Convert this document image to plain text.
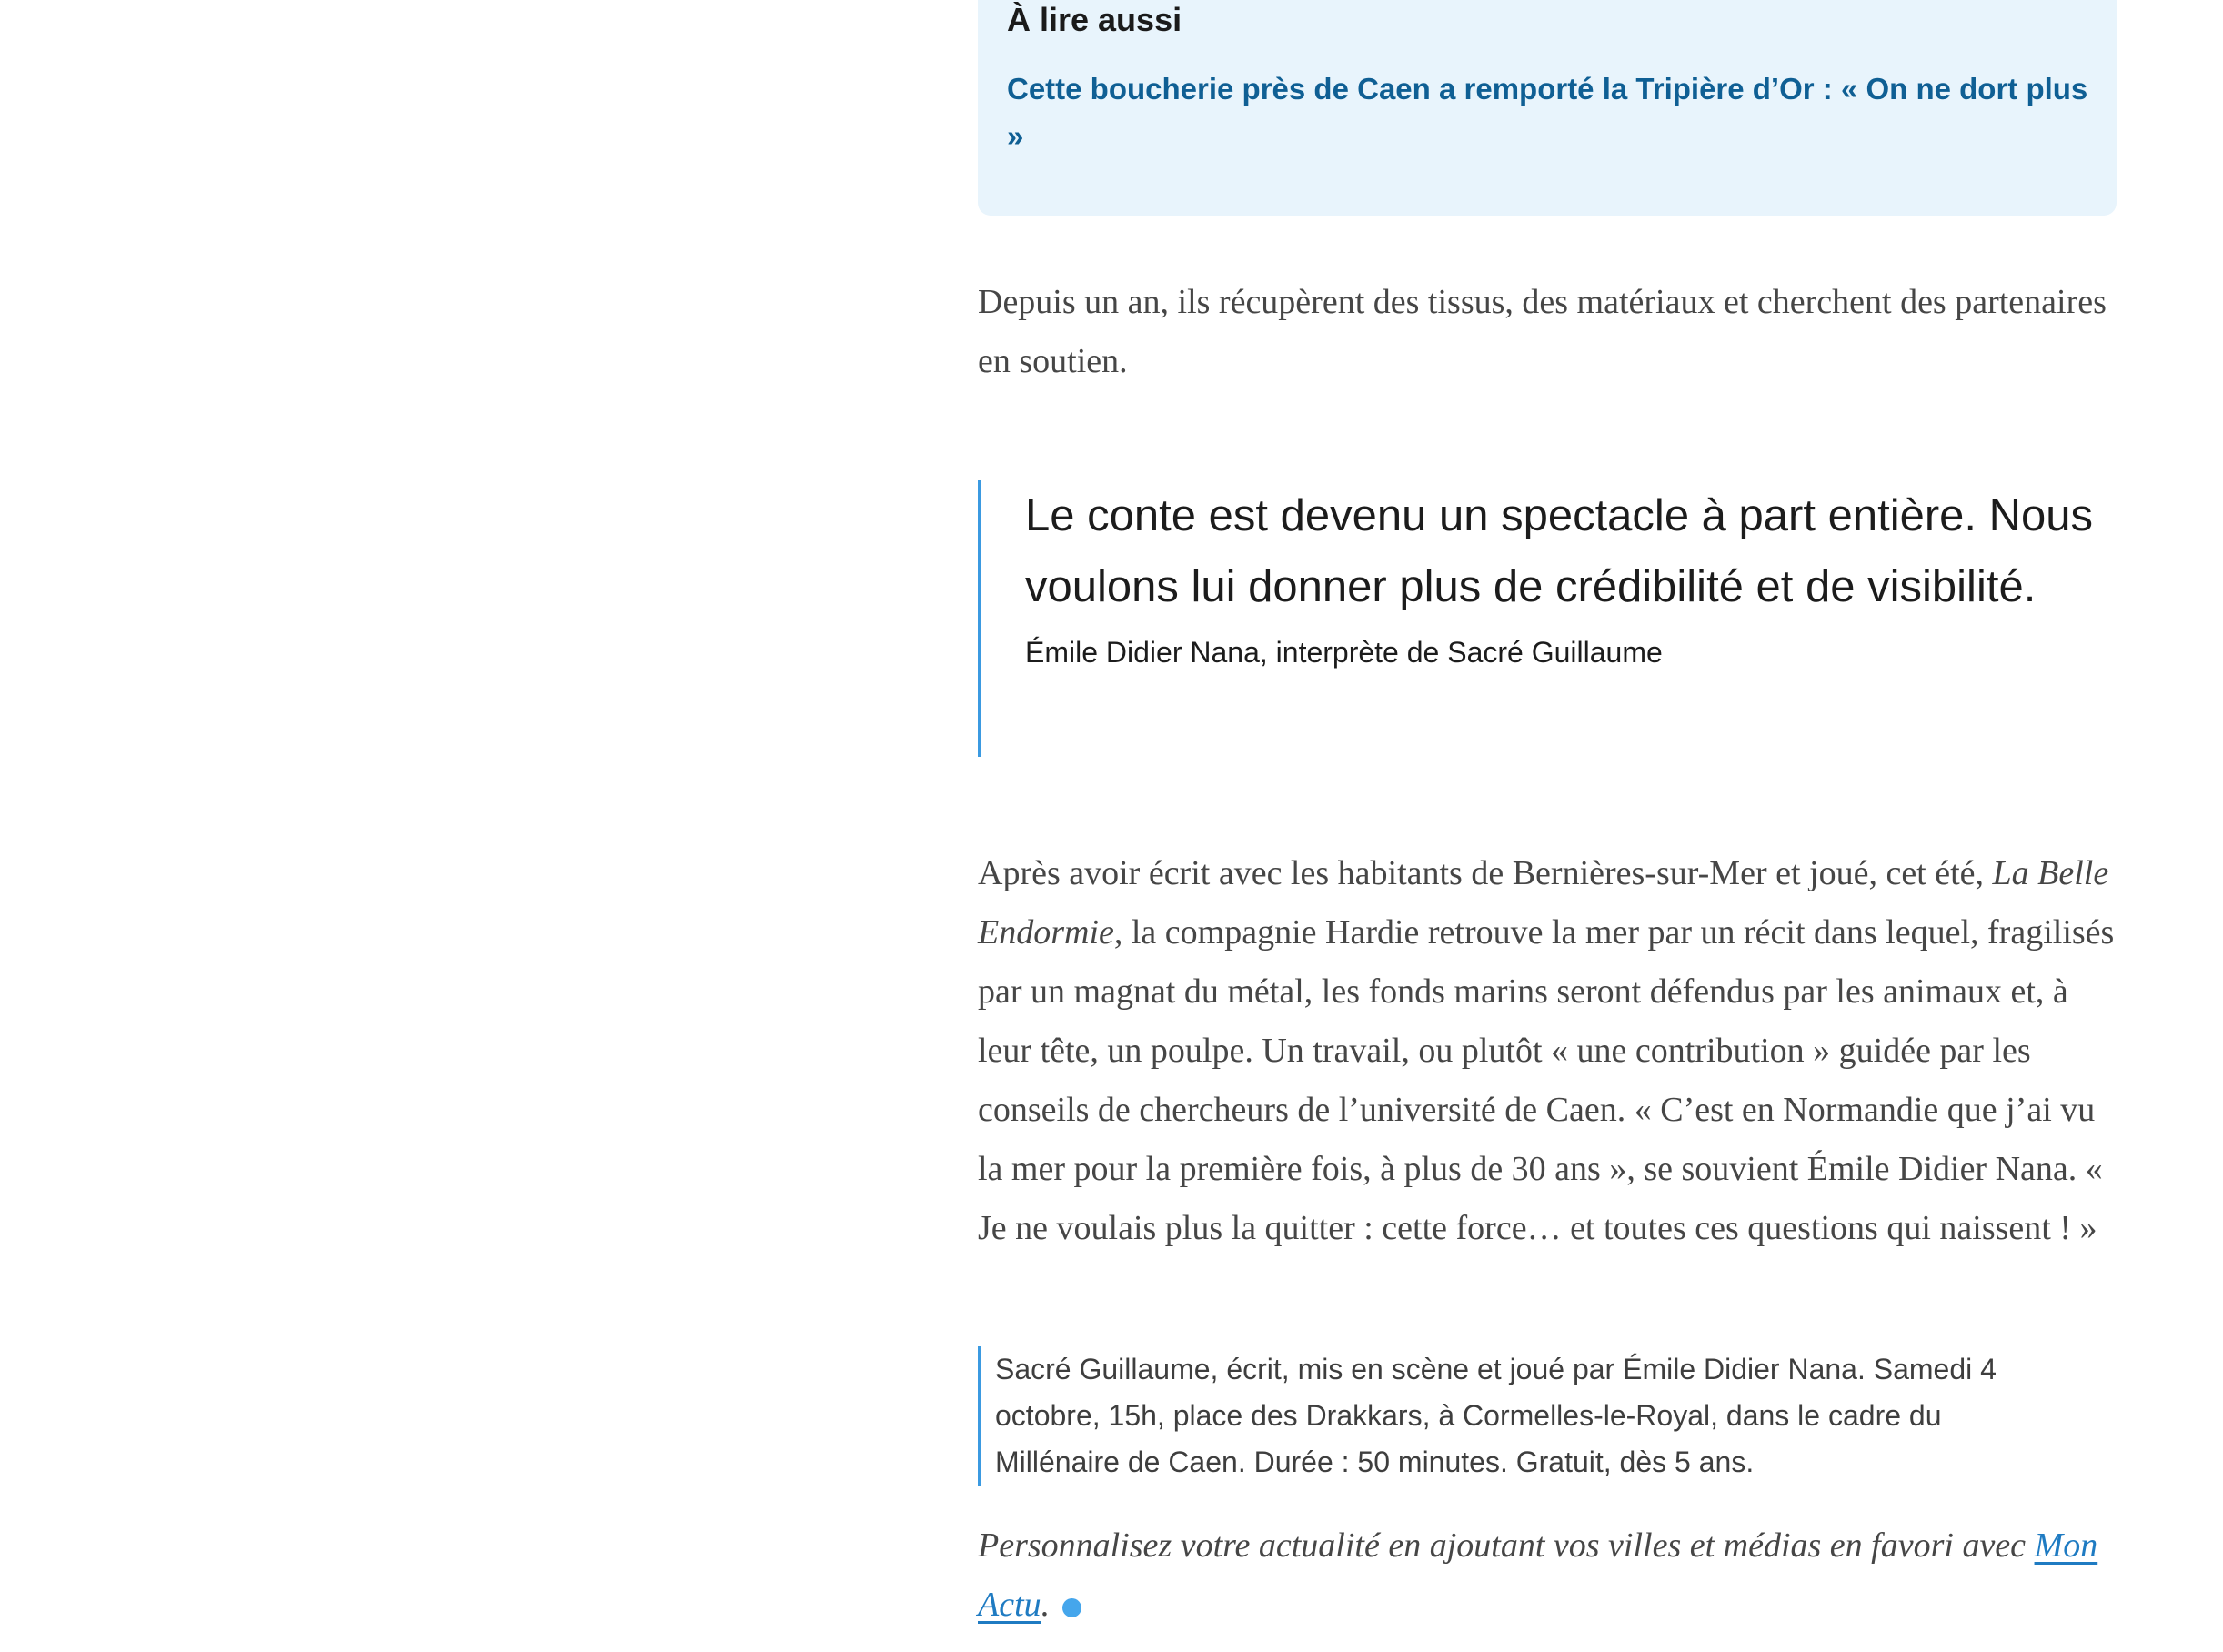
À lire aussi
Cette boucherie près de Caen a remporté la Tripière d’Or : « On ne dort plus »

Depuis un an, ils récupèrent des tissus, des matériaux et cherchent des partenaires en soutien.

Le conte est devenu un spectacle à part entière. Nous voulons lui donner plus de crédibilité et de visibilité.

Émile Didier Nana, interprète de Sacré Guillaume

Après avoir écrit avec les habitants de Bernières-sur-Mer et joué, cet été, La Belle Endormie, la compagnie Hardie retrouve la mer par un récit dans lequel, fragilisés par un magnat du métal, les fonds marins seront défendus par les animaux et, à leur tête, un poulpe. Un travail, ou plutôt « une contribution » guidée par les conseils de chercheurs de l’université de Caen. « C’est en Normandie que j’ai vu la mer pour la première fois, à plus de 30 ans », se souvient Émile Didier Nana. « Je ne voulais plus la quitter : cette force… et toutes ces questions qui naissent ! »

Sacré Guillaume, écrit, mis en scène et joué par Émile Didier Nana. Samedi 4 octobre, 15h, place des Drakkars, à Cormelles-le-Royal, dans le cadre du Millénaire de Caen. Durée : 50 minutes. Gratuit, dès 5 ans.

Personnalisez votre actualité en ajoutant vos villes et médias en favori avec Mon Actu.
